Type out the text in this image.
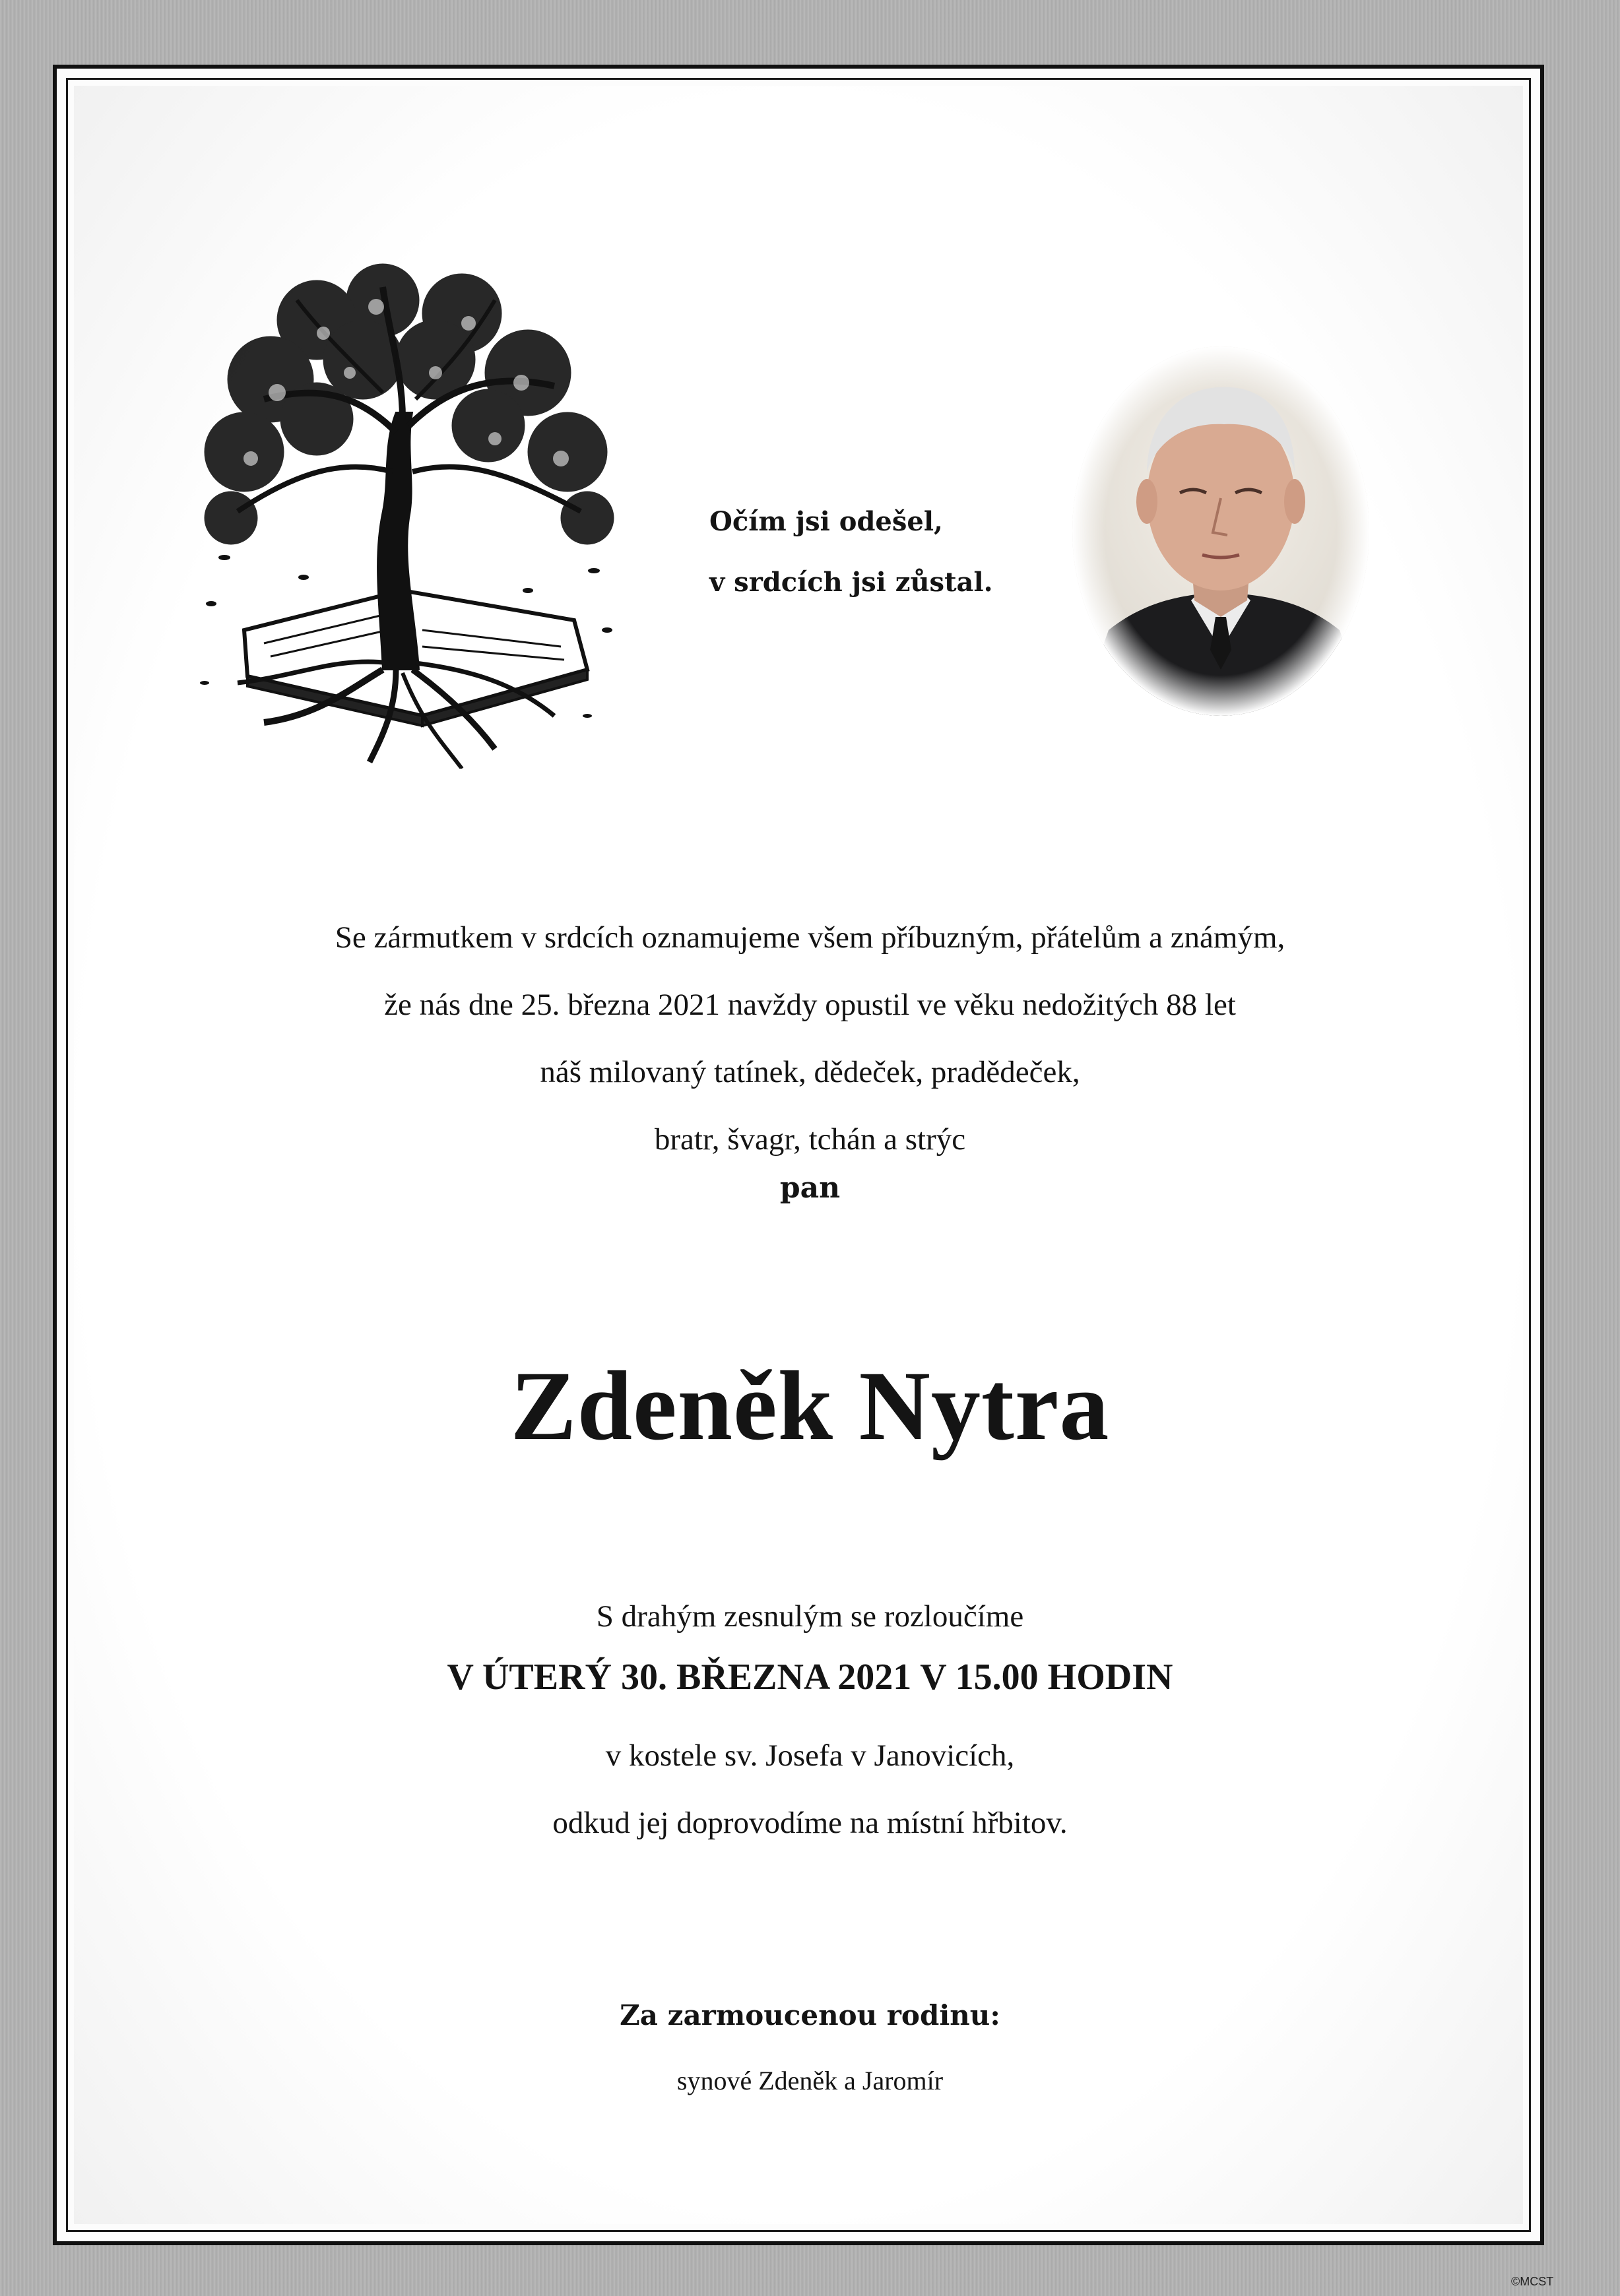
Očím jsi odešel,
v srdcích jsi zůstal.
Se zármutkem v srdcích oznamujeme všem příbuzným, přátelům a známým,
že nás dne 25. března 2021 navždy opustil ve věku nedožitých 88 let
náš milovaný tatínek, dědeček, pradědeček,
bratr, švagr, tchán a strýc
pan
Zdeněk Nytra
S drahým zesnulým se rozloučíme
V ÚTERÝ 30. BŘEZNA 2021 V 15.00 HODIN
v kostele sv. Josefa v Janovicích,
odkud jej doprovodíme na místní hřbitov.
Za zarmoucenou rodinu:
synové Zdeněk a Jaromír
©MCST
